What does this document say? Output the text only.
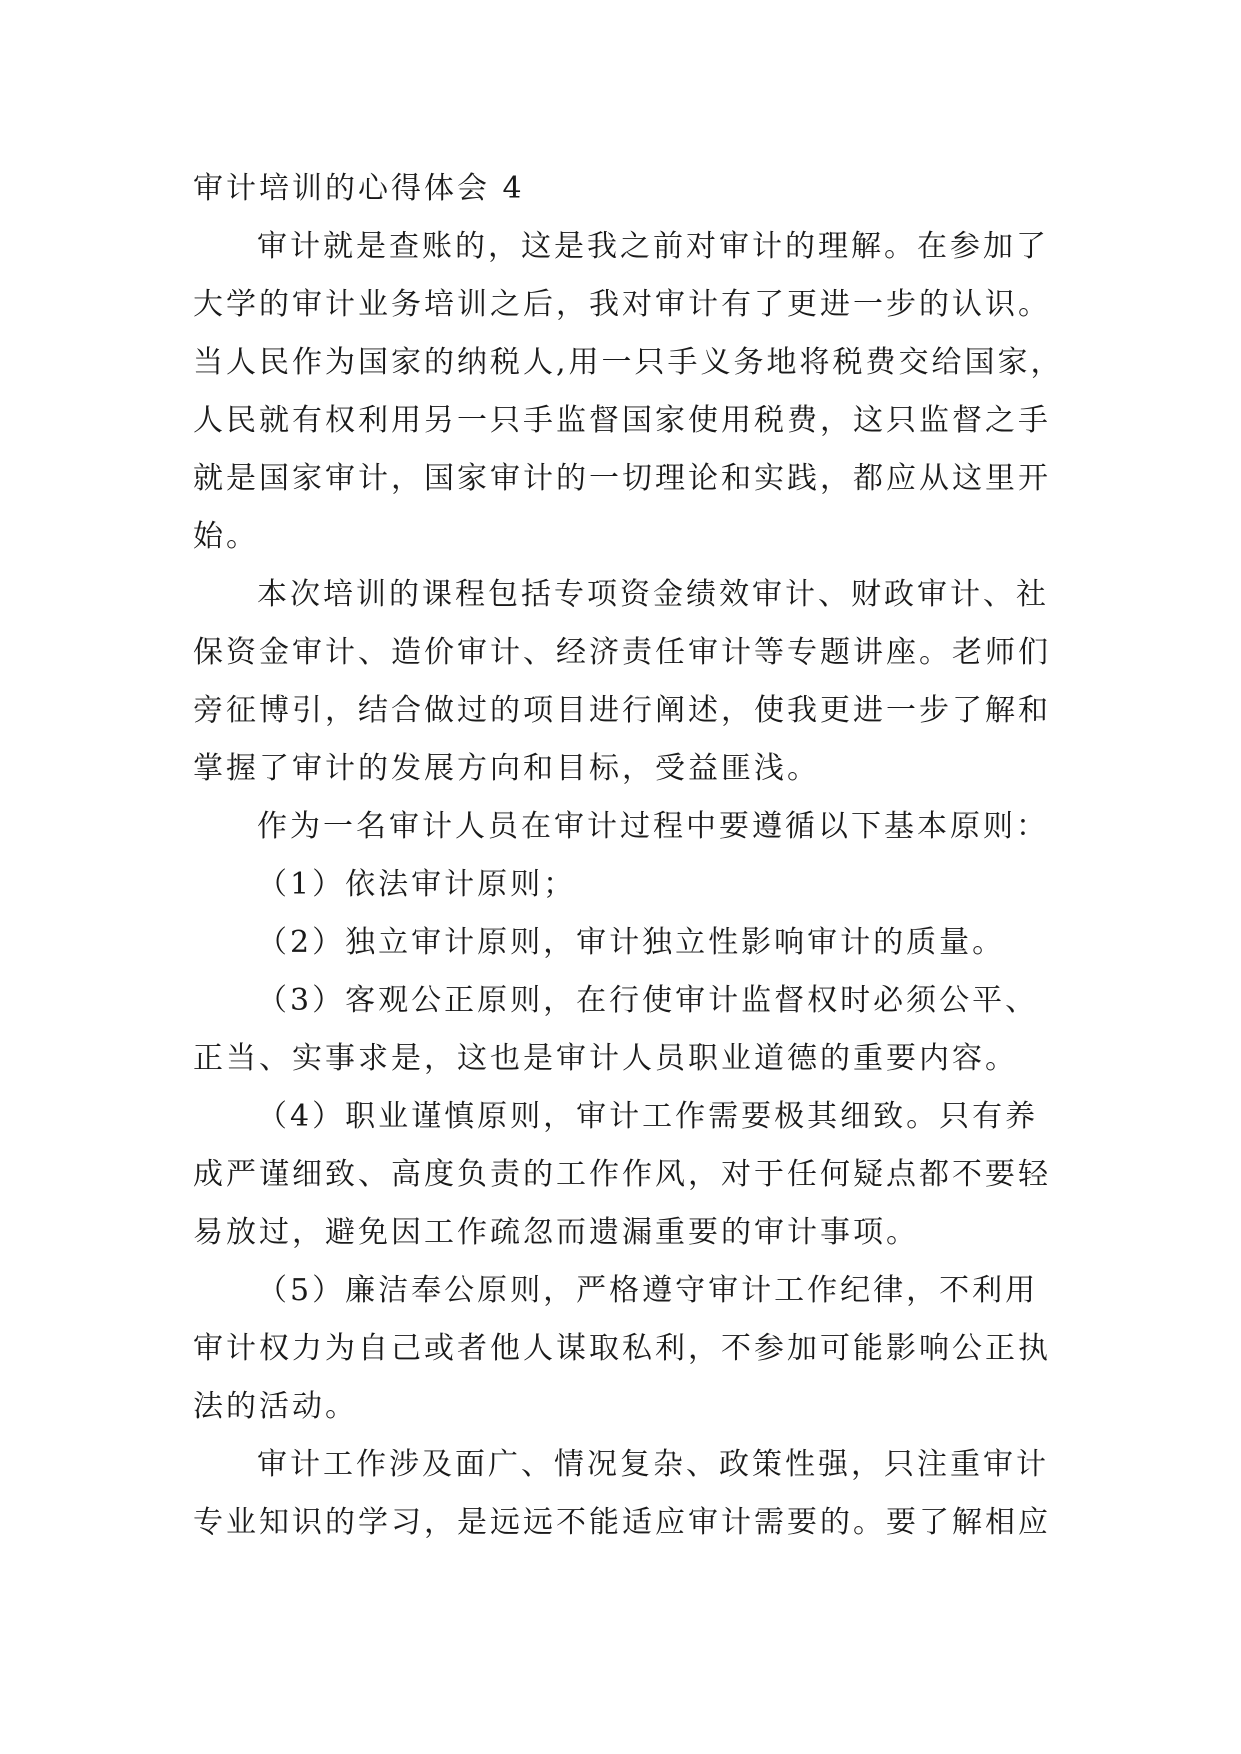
审计培训的心得体会 4
审计就是查账的，这是我之前对审计的理解。在参加了
大学的审计业务培训之后，我对审计有了更进一步的认识。
当人民作为国家的纳税人,用一只手义务地将税费交给国家，
人民就有权利用另一只手监督国家使用税费，这只监督之手
就是国家审计，国家审计的一切理论和实践，都应从这里开
始。
本次培训的课程包括专项资金绩效审计、财政审计、社
保资金审计、造价审计、经济责任审计等专题讲座。老师们
旁征博引，结合做过的项目进行阐述，使我更进一步了解和
掌握了审计的发展方向和目标，受益匪浅。
作为一名审计人员在审计过程中要遵循以下基本原则：
（1）依法审计原则；
（2）独立审计原则，审计独立性影响审计的质量。
（3）客观公正原则，在行使审计监督权时必须公平、
正当、实事求是，这也是审计人员职业道德的重要内容。
（4）职业谨慎原则，审计工作需要极其细致。只有养
成严谨细致、高度负责的工作作风，对于任何疑点都不要轻
易放过，避免因工作疏忽而遗漏重要的审计事项。
（5）廉洁奉公原则，严格遵守审计工作纪律，不利用
审计权力为自己或者他人谋取私利，不参加可能影响公正执
法的活动。
审计工作涉及面广、情况复杂、政策性强，只注重审计
专业知识的学习，是远远不能适应审计需要的。要了解相应
